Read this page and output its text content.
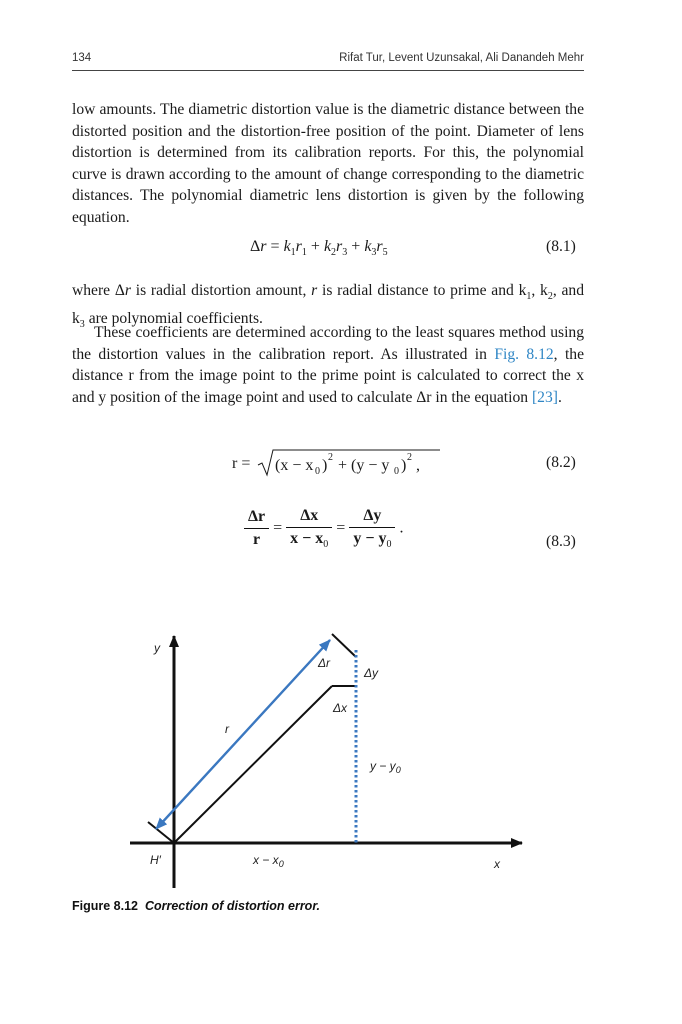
134	Rifat Tur, Levent Uzunsakal, Ali Danandeh Mehr

low amounts. The diametric distortion value is the diametric distance between the distorted position and the distortion-free position of the point. Diameter of lens distortion is determined from its calibration reports. For this, the polynomial curve is drawn according to the amount of change corresponding to the diametric distances. The polynomial diametric lens distortion is given by the following equation.

$\Delta r = k_1r_1 + k_2r_3 + k_3r_5$	(8.1)

where Δr is radial distortion amount, r is radial distance to prime and $k_1$, $k_2$, and $k_3$ are polynomial coefficients.

These coefficients are determined according to the least squares method using the distortion values in the calibration report. As illustrated in Fig. 8.12, the distance r from the image point to the prime point is calculated to correct the x and y position of the image point and used to calculate Δr in the equation [23].

r = (x − x 0 ) 2 + (y − y 0 ) 2 ,	(8.2)
$\frac{\Delta r}{r} = \frac{\Delta x}{x - x_0} = \frac{\Delta y}{y - y_0}$ .
(8.3)
y
x
H′
r
Δr
Δx
Δy
$y - y_0$
$x - x_0$
Figure 8.12 Correction of distortion error.
